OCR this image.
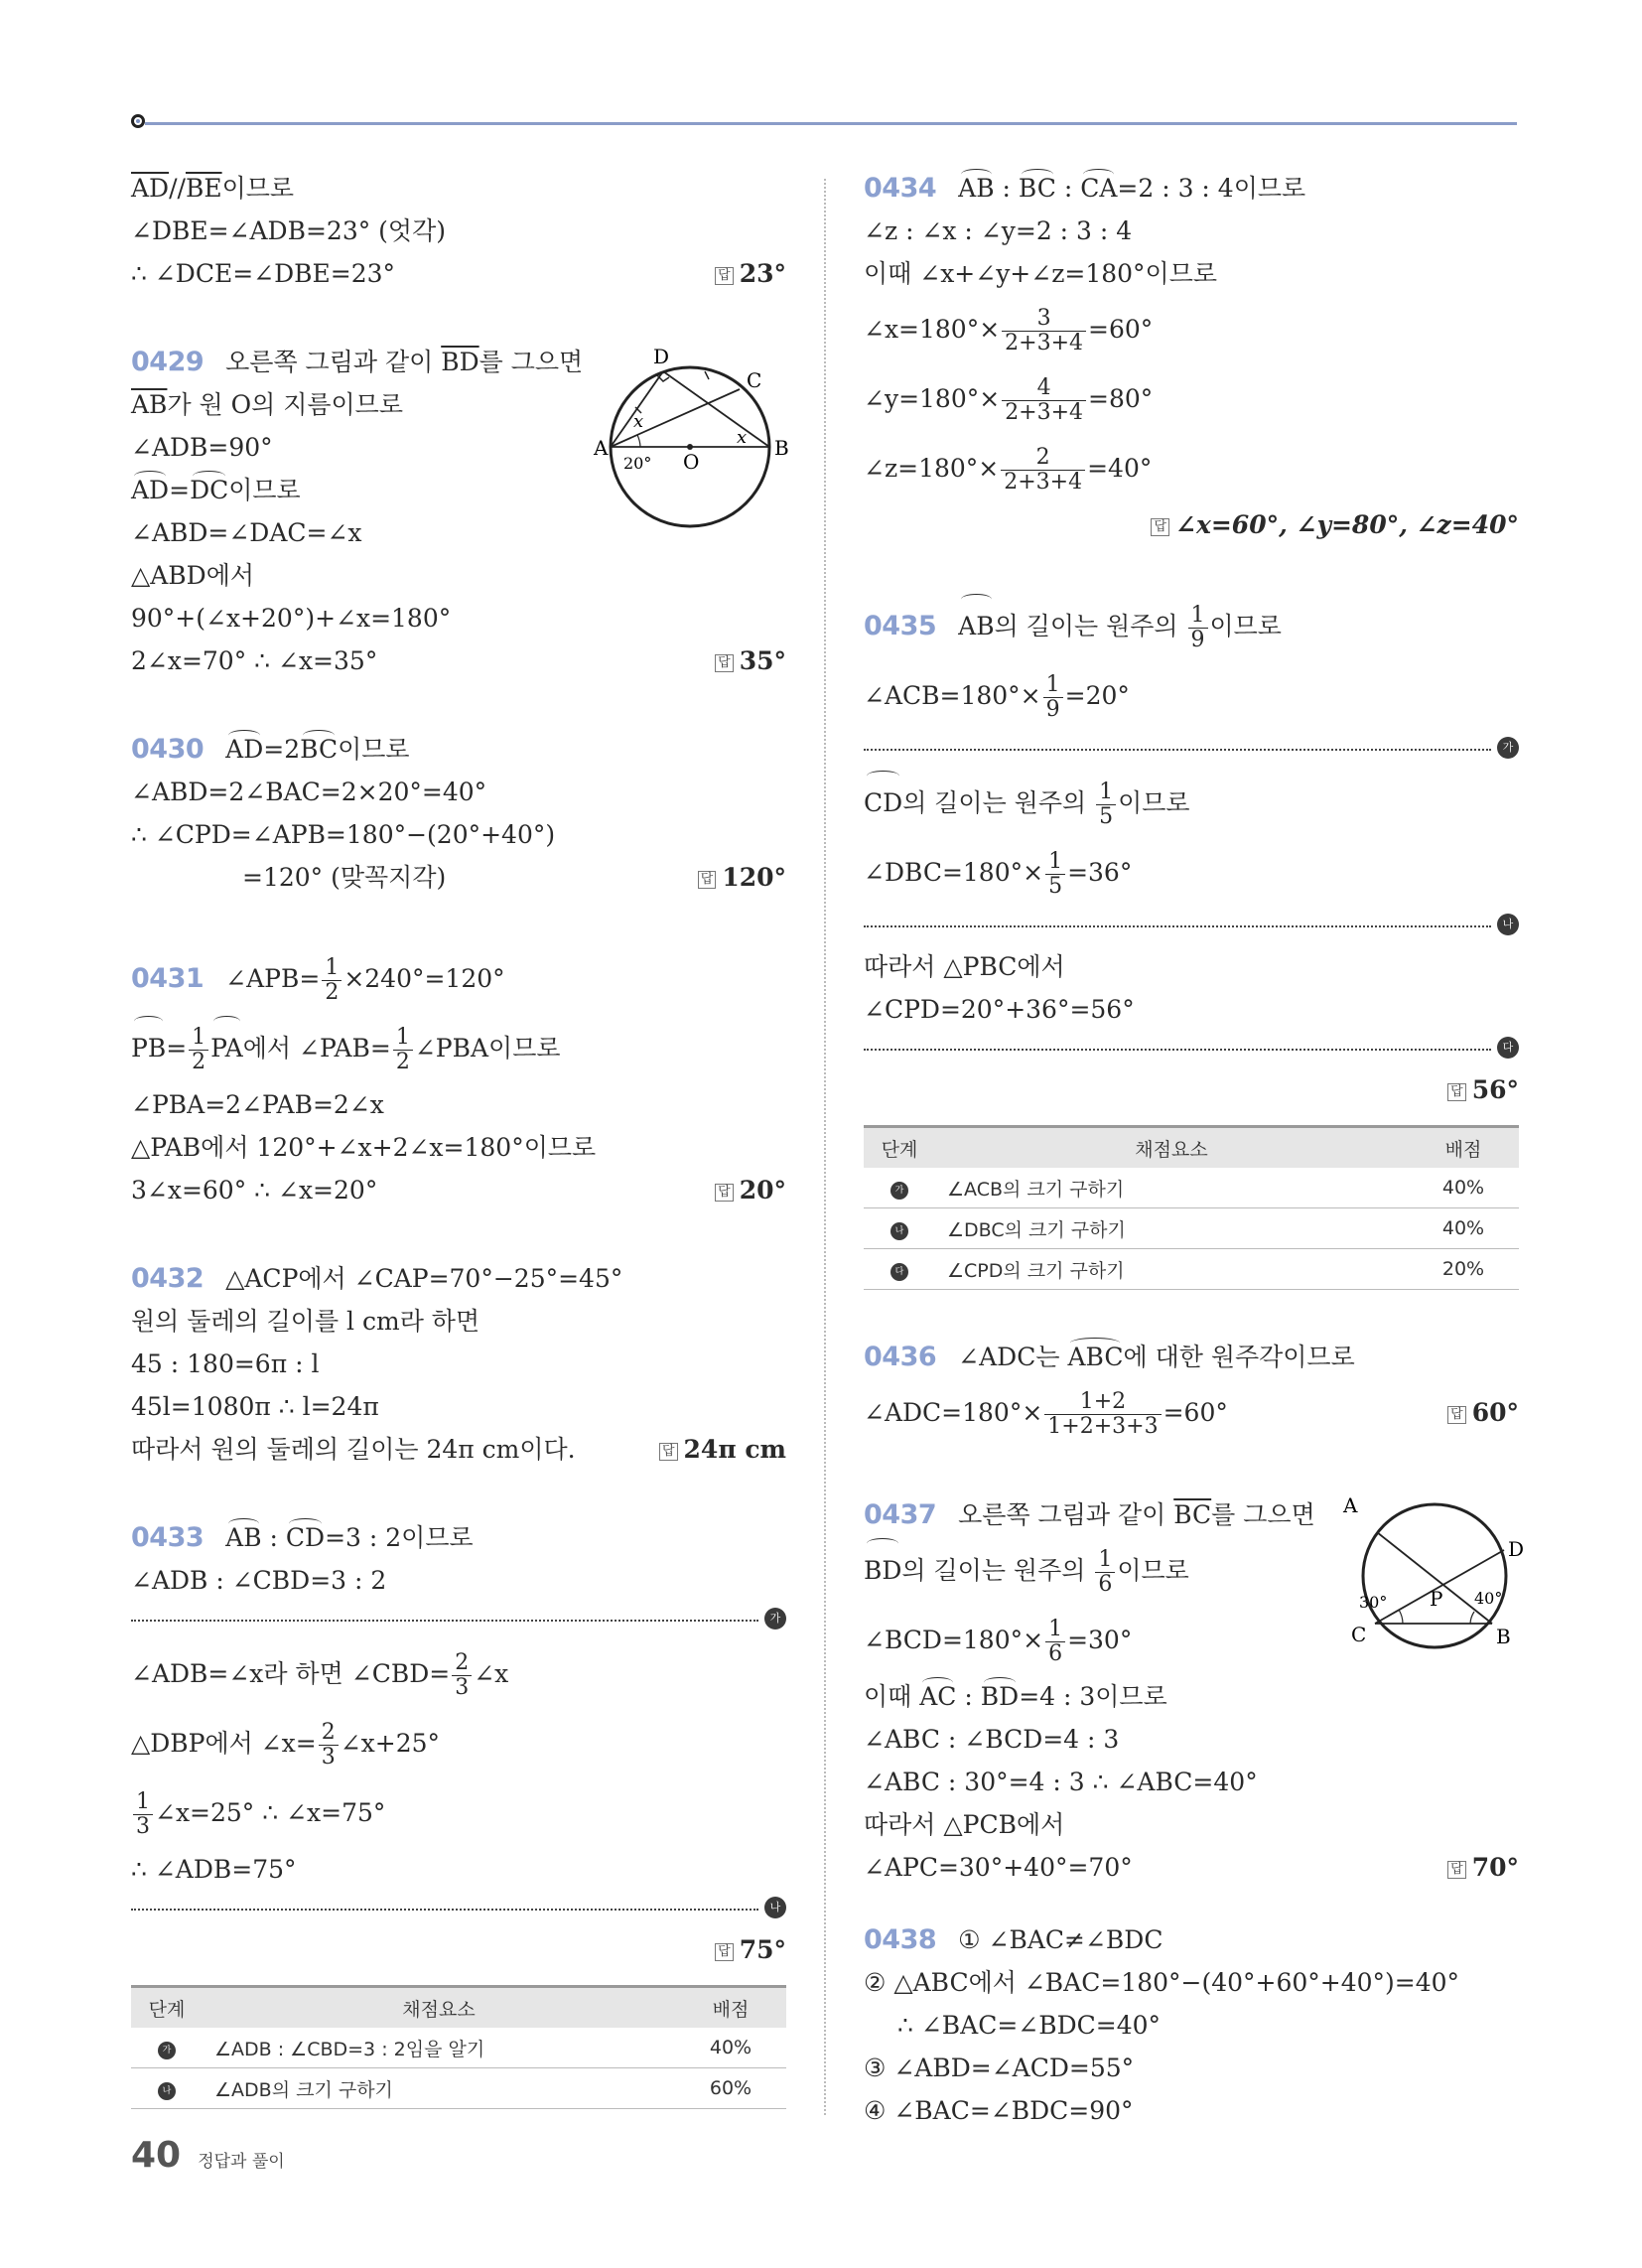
$\overline{AD}//\overline{BE}$이므로
∠DBE=∠ADB=23° (엇각)
∴ ∠DCE=∠DBE=23°	답 23°
0429 오른쪽 그림과 같이 $\overline{BD}$를 그으면
$\overline{AB}$가 원 O의 지름이므로
∠ADB=90°
AD=DC이므로
∠ABD=∠DAC=∠x
△ABD에서
90°+(∠x+20°)+∠x=180°
2∠x=70° ∴ ∠x=35°	답 35°
0430 AD=2BC이므로
∠ABD=2∠BAC=2×20°=40°
∴ ∠CPD=∠APB=180°−(20°+40°)
=120° (맞꼭지각)	답 120°
0431 ∠APB= $\frac{1}{2} \times 240^\circ=120^\circ$
$PB= \frac{1}{2}$ PA에서 ∠PAB= $\frac{1}{2}$ ∠PBA이므로
∠PBA=2∠PAB=2∠x
△PAB에서 120°+∠x+2∠x=180°이므로
3∠x=60° ∴ ∠x=20°	답 20°
0432 △ACP에서 ∠CAP=70°−25°=45°
원의 둘레의 길이를 l cm라 하면
45 : 180=6π : l
45l=1080π ∴ l=24π
따라서 원의 둘레의 길이는 24π cm이다.	답 24π cm
0433 AB : CD=3 : 2이므로
∠ADB : ∠CBD=3 : 2
가
∠ADB=∠x라 하면 ∠CBD= $\frac{2}{3}$ ∠x
△DBP에서 ∠x= $\frac{2}{3}$ ∠x+25°
$\frac{1}{3}$ ∠x=25° ∴ ∠x=75°
∴ ∠ADB=75°
나
답 75°
단계	채점요소	배점
가	∠ADB : ∠CBD=3 : 2임을 알기	40%
나	∠ADB의 크기 구하기	60%
A	B
C
D
O
x
x
20°
0434 AB : BC : CA=2 : 3 : 4이므로
∠z : ∠x : ∠y=2 : 3 : 4
이때 ∠x+∠y+∠z=180°이므로
∠x=180°× $\frac{3}{2+3+4} =60^\circ$
∠y=180°× $\frac{4}{2+3+4} =80^\circ$
∠z=180°× $\frac{2}{2+3+4} =40^\circ$
답 ∠x=60°, ∠y=80°, ∠z=40°
0435 AB의 길이는 원주의 $\frac{1}{9}$ 이므로
∠ACB=180°× $\frac{1}{9} =20^\circ$
가
CD의 길이는 원주의 $\frac{1}{5}$ 이므로
∠DBC=180°× $\frac{1}{5} =36^\circ$
나
따라서 △PBC에서
∠CPD=20°+36°=56°
다
답 56°
단계	채점요소	배점
가	∠ACB의 크기 구하기	40%
나	∠DBC의 크기 구하기	40%
다	∠CPD의 크기 구하기	20%
0436 ∠ADC는 ABC에 대한 원주각이므로
∠ADC=180°× $\frac{1+2}{1+2+3+3} =60^\circ$	답 60°
0437 오른쪽 그림과 같이 $\overline{BC}$를 그으면
BD의 길이는 원주의 $\frac{1}{6}$ 이므로
∠BCD=180°× $\frac{1}{6} =30^\circ$
이때 AC : BD=4 : 3이므로
∠ABC : ∠BCD=4 : 3
∠ABC : 30°=4 : 3 ∴ ∠ABC=40°
따라서 △PCB에서
∠APC=30°+40°=70°	답 70°
0438 ① ∠BAC≠∠BDC
② △ABC에서 ∠BAC=180°−(40°+60°+40°)=40°
∴ ∠BAC=∠BDC=40°
③ ∠ABD=∠ACD=55°
④ ∠BAC=∠BDC=90°
A
D
B
C
P
30°	40°
40 정답과 풀이
